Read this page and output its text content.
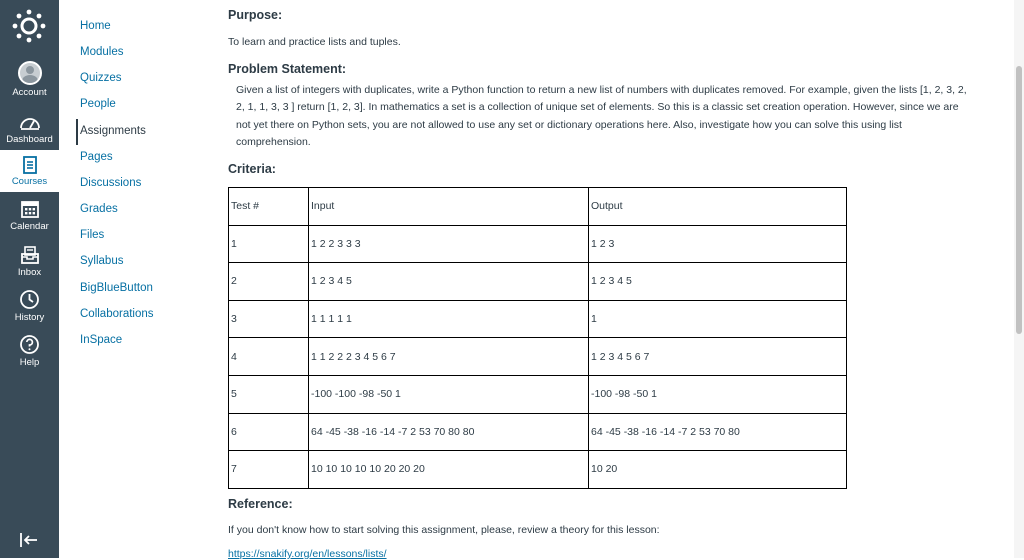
Account
Dashboard
Courses
Calendar
Inbox
History
Help
Home
Modules
Quizzes
People
Assignments
Pages
Discussions
Grades
Files
Syllabus
BigBlueButton
Collaborations
InSpace
Purpose:
To learn and practice lists and tuples.
Problem Statement:
Given a list of integers with duplicates, write a Python function to return a new list of numbers with duplicates removed. For example, given the lists [1, 2, 3, 2, 2, 1, 1, 3, 3 ] return [1, 2, 3]. In mathematics a set is a collection of unique set of elements. So this is a classic set creation operation. However, since we are not yet there on Python sets, you are not allowed to use any set or dictionary operations here. Also, investigate how you can solve this using list comprehension.
Criteria:
Test #	Input	Output
1	1 2 2 3 3 3	1 2 3
2	1 2 3 4 5	1 2 3 4 5
3	1 1 1 1 1	1
4	1 1 2 2 2 3 4 5 6 7	1 2 3 4 5 6 7
5	-100 -100 -98 -50 1	-100 -98 -50 1
6	64 -45 -38 -16 -14 -7 2 53 70 80 80	64 -45 -38 -16 -14 -7 2 53 70 80
7	10 10 10 10 10 20 20 20	10 20
Reference:
If you don't know how to start solving this assignment, please, review a theory for this lesson:
https://snakify.org/en/lessons/lists/
